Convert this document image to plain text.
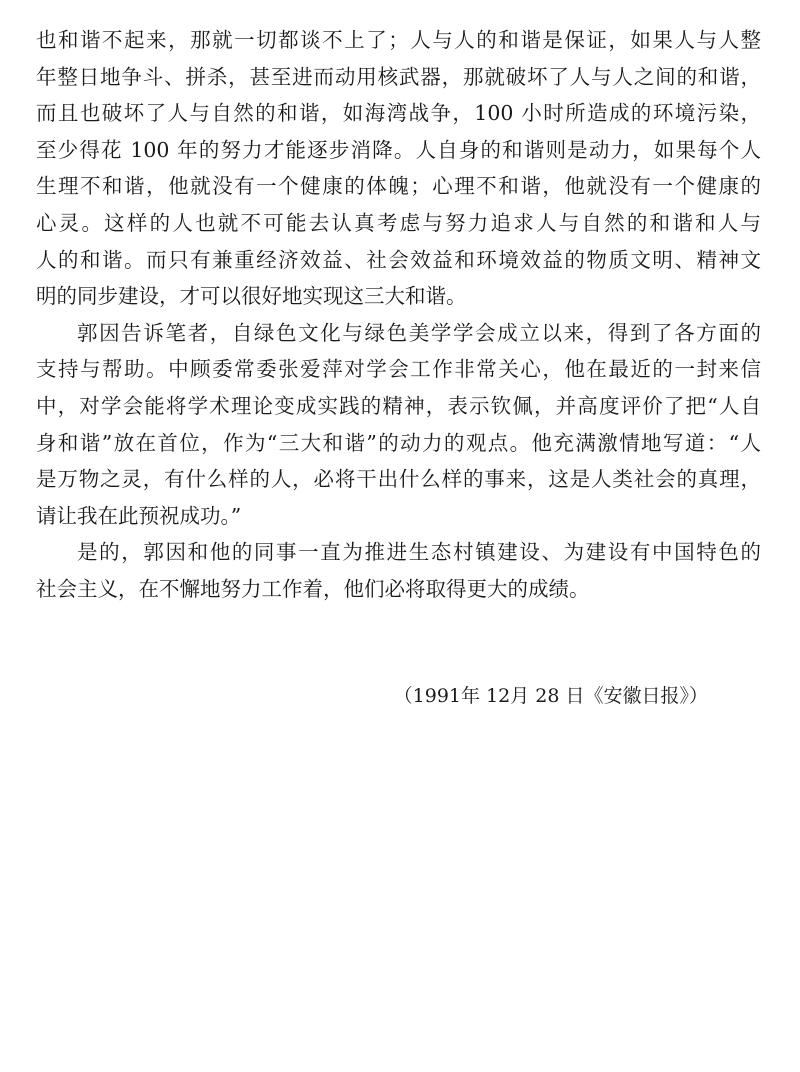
也和谐不起来，那就一切都谈不上了；人与人的和谐是保证，如果人与人整
年整日地争斗、拼杀，甚至进而动用核武器，那就破坏了人与人之间的和谐，
而且也破坏了人与自然的和谐，如海湾战争，100 小时所造成的环境污染，
至少得花 100 年的努力才能逐步消降。人自身的和谐则是动力，如果每个人
生理不和谐，他就没有一个健康的体魄；心理不和谐，他就没有一个健康的
心灵。这样的人也就不可能去认真考虑与努力追求人与自然的和谐和人与
人的和谐。而只有兼重经济效益、社会效益和环境效益的物质文明、精神文
明的同步建设，才可以很好地实现这三大和谐。
郭因告诉笔者，自绿色文化与绿色美学学会成立以来，得到了各方面的
支持与帮助。中顾委常委张爱萍对学会工作非常关心，他在最近的一封来信
中，对学会能将学术理论变成实践的精神，表示钦佩，并高度评价了把“人自
身和谐”放在首位，作为“三大和谐”的动力的观点。他充满激情地写道：“人
是万物之灵，有什么样的人，必将干出什么样的事来，这是人类社会的真理，
请让我在此预祝成功。”
是的，郭因和他的同事一直为推进生态村镇建设、为建设有中国特色的
社会主义，在不懈地努力工作着，他们必将取得更大的成绩。
（1991年 12月 28 日《安徽日报》）
